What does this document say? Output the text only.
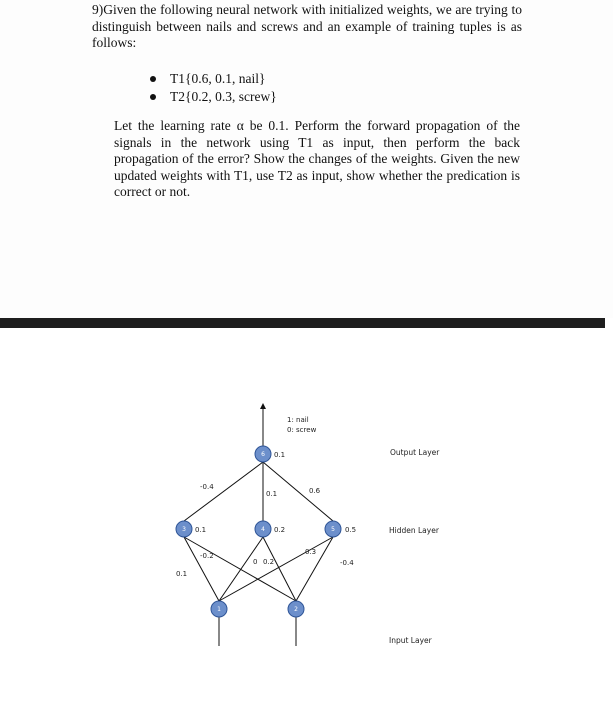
9)Given the following neural network with initialized weights, we are trying to distinguish between nails and screws and an example of training tuples is as follows:
T1{0.6, 0.1, nail}
T2{0.2, 0.3, screw}
Let the learning rate α be 0.1. Perform the forward propagation of the signals in the network using T1 as input, then perform the back propagation of the error? Show the changes of the weights. Given the new updated weights with T1, use T2 as input, show whether the predication is correct or not.
1: nail
0: screw
-0.4
0.1	0.6
0.1
-0.2
0 0.2
0.3
-0.4
6
3	4	5
1	2
0.1
0.1	0.2	0.5
Output Layer
Hidden Layer
Input Layer
